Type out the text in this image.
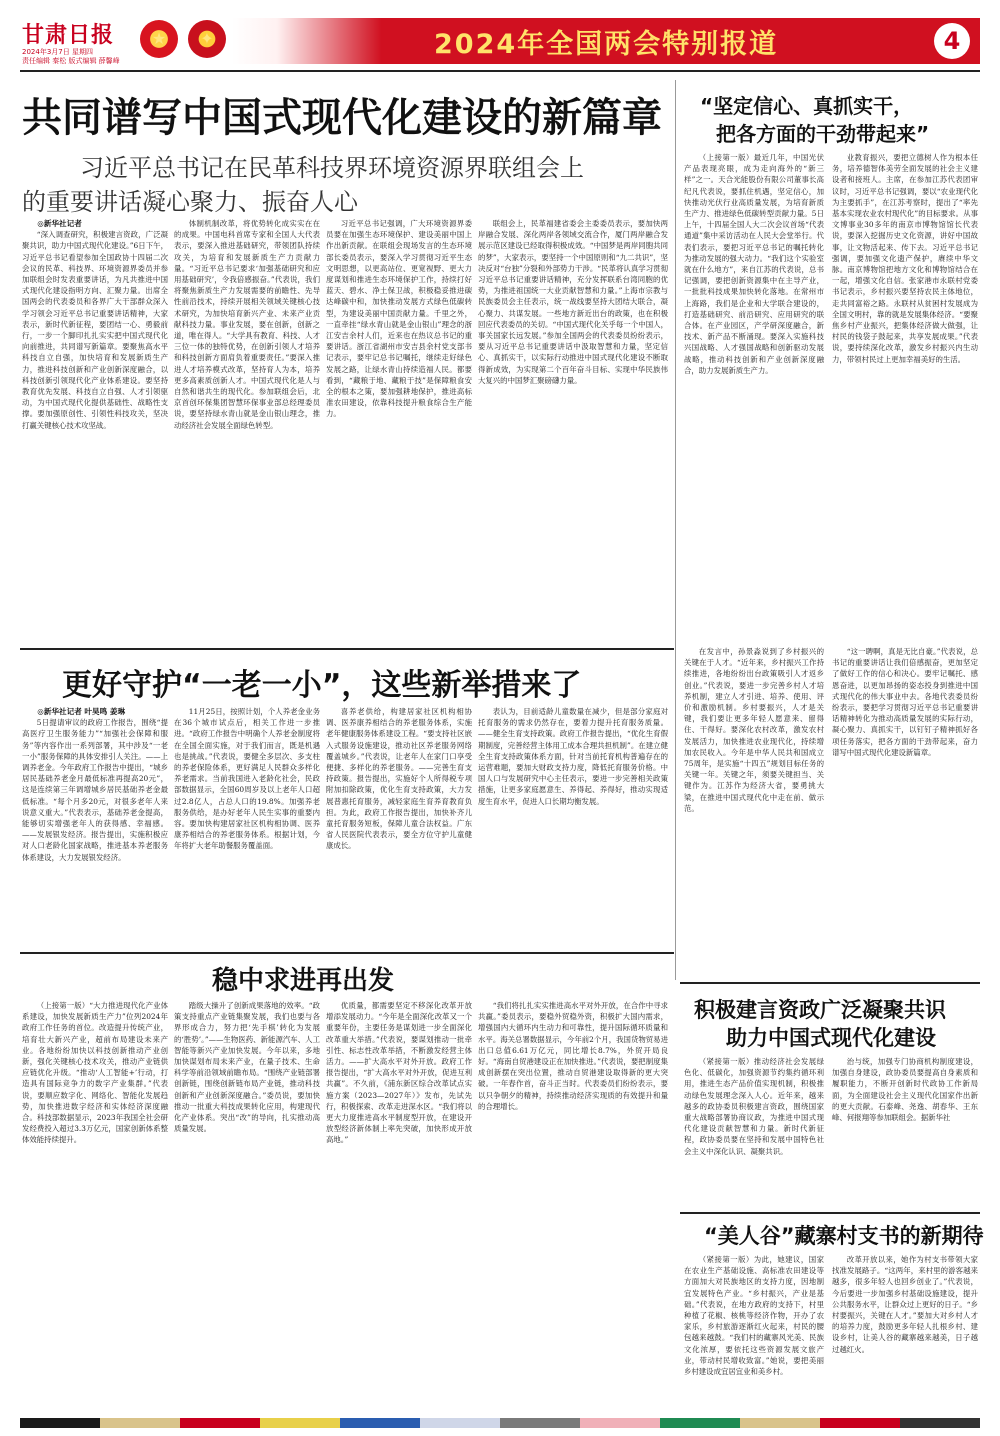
甘肃日报
2024年3月7日 星期四
责任编辑 秦松 版式编辑 薛馨峰
★	✦	2024年全国两会特别报道	4
共同谱写中国式现代化建设的新篇章
习近平总书记在民革科技界环境资源界联组会上
的重要讲话凝心聚力、振奋人心

◎新华社记者

“深入调查研究，积极建言资政，广泛凝聚共识，助力中国式现代化建设。”6日下午，习近平总书记看望参加全国政协十四届二次会议的民革、科技界、环境资源界委员并参加联组会时发表重要讲话，为凡共推进中国式现代化建设指明方向、汇聚力量。出席全国两会的代表委员和各界广大干部群众深入学习领会习近平总书记重要讲话精神，大家表示，新时代新征程，要团结一心、勇毅前行，一步一个脚印扎扎实实把中国式现代化向前推进，共同谱写新篇章。要聚焦高水平科技自立自强，加快培育和发展新质生产力，推进科技创新和产业创新深度融合，以科技创新引领现代化产业体系建设。要坚持教育优先发展、科技自立自强、人才引领驱动，为中国式现代化提供基础性、战略性支撑。要加强原创性、引领性科技攻关，坚决打赢关键核心技术攻坚战。

体制机制改革，将优势转化成实实在在的成果。中国电科首席专家和全国人大代表表示，要深入推进基础研究，带领团队持续攻关，为培育和发展新质生产力贡献力量。“习近平总书记要求‘加强基础研究和应用基础研究’，令我倍感振奋。”代表说，我们将聚焦新质生产力发展需要的前瞻性、先导性前沿技术，持续开展相关领域关键核心技术研究，为加快培育新兴产业、未来产业贡献科技力量。事业发展，要在创新，创新之道，唯在得人。“大学具有教育、科技、人才三位一体的独特优势，在创新引领人才培养和科技创新方面肩负着重要责任。”要深入推进人才培养模式改革，坚持育人为本，培养更多高素质创新人才。中国式现代化是人与自然和谐共生的现代化。参加联组会后，北京首创环保集团智慧环保事业部总经理委员说，要坚持绿水青山就是金山银山理念，推动经济社会发展全面绿色转型。

习近平总书记强调，广大环境资源界委员要在加强生态环境保护、建设美丽中国上作出新贡献。在联组会现场发言的生态环境部长委员表示，要深入学习贯彻习近平生态文明思想，以更高站位、更宽视野、更大力度谋划和推进生态环境保护工作，持续打好蓝天、碧水、净土保卫战，积极稳妥推进碳达峰碳中和，加快推动发展方式绿色低碳转型，为建设美丽中国贡献力量。千里之外，一直牵挂“绿水青山就是金山银山”理念的浙江安吉余村人们，近来也在热议总书记的重要讲话。浙江省湖州市安吉县余村党支部书记表示，要牢记总书记嘱托，继续走好绿色发展之路，让绿水青山持续造福人民。都要看到，“藏粮于地、藏粮于技”是保障粮食安全的根本之策，要加强耕地保护，推进高标准农田建设，依靠科技提升粮食综合生产能力。

联组会上，民革福建省委会主委委员表示，要加快两岸融合发展、深化两岸各领域交流合作，厦门两岸融合发展示范区建设已经取得积极成效。“中国梦是两岸同胞共同的梦”，大家表示，要坚持一个中国原则和“九二共识”，坚决反对“台独”分裂和外部势力干涉。“民革将认真学习贯彻习近平总书记重要讲话精神，充分发挥联系台湾同胞的优势，为推进祖国统一大业贡献智慧和力量。”上海市宗教与民族委员会主任表示，统一战线要坚持大团结大联合，凝心聚力、共谋发展。一些地方新近出台的政策，也在积极回应代表委员的关切。“中国式现代化关乎每一个中国人，事关国家长远发展。”参加全国两会的代表委员纷纷表示，要从习近平总书记重要讲话中汲取智慧和力量，坚定信心、真抓实干，以实际行动推进中国式现代化建设不断取得新成效，为实现第二个百年奋斗目标、实现中华民族伟大复兴的中国梦汇聚磅礴力量。

“坚定信心、真抓实干，
把各方面的干劲带起来”

（上接第一版）最近几年，中国光伏产品表现亮眼，成为走向海外的“新三样”之一。天合光能股份有限公司董事长高纪凡代表说，要抓住机遇，坚定信心，加快推动光伏行业高质量发展，为培育新质生产力、推进绿色低碳转型贡献力量。5日上午，十四届全国人大二次会议首场“代表通道”集中采访活动在人民大会堂举行。代表们表示，要把习近平总书记的嘱托转化为推动发展的强大动力。“我们这个实验室就在什么地方”，来自江苏的代表说，总书记强调，要把创新资源集中在主导产业，一批批科技成果加快转化落地。在常州市上海路，我们是企业和大学联合建设的，打造基础研究、前沿研究、应用研究的联合体。在产业园区，产学研深度融合，新技术、新产品不断涌现。要深入实施科技兴国战略、人才强国战略和创新驱动发展战略，推动科技创新和产业创新深度融合，助力发展新质生产力。

业教育振兴，要把立德树人作为根本任务，培养德智体美劳全面发展的社会主义建设者和接班人。主席，在参加江苏代表团审议时，习近平总书记强调，要以“农业现代化为主要抓手”，在江苏考察时，提出了“率先基本实现农业农村现代化”的目标要求。从事文博事业30多年的南京市博物馆馆长代表说，要深入挖掘历史文化资源，讲好中国故事，让文物活起来、传下去。习近平总书记强调，要加强文化遗产保护，赓续中华文脉。南京博物馆把地方文化和博物馆结合在一起，增强文化自信。张家港市永联村党委书记表示，乡村振兴要坚持农民主体地位，走共同富裕之路。永联村从贫困村发展成为全国文明村，靠的就是发展集体经济。“要聚焦乡村产业振兴，把集体经济做大做强，让村民的钱袋子鼓起来，共享发展成果。”代表说，要持续深化改革，激发乡村振兴内生动力，带领村民过上更加幸福美好的生活。

更好守护“一老一小”，这些新举措来了

◎新华社记者 叶昊鸣 姜琳

5日提请审议的政府工作报告，围绕“提高医疗卫生服务能力”“加强社会保障和服务”等内容作出一系列部署，其中涉及“一老一小”服务保障的具体安排引人关注。——上调养老金。今年政府工作报告中提出，“城乡居民基础养老金月最低标准再提高20元”，这是连续第三年调增城乡居民基础养老金最低标准。“每个月多20元，对很多老年人来说意义重大。”代表表示，基础养老金提高，能够切实增强老年人的获得感、幸福感。——发展银发经济。报告提出，实施积极应对人口老龄化国家战略，推进基本养老服务体系建设，大力发展银发经济。

11月25日，按照计划，个人养老金业务在36个城市试点后，相关工作进一步推进。“政府工作报告中明确个人养老金制度将在全国全面实施，对于我们而言，既是机遇也是挑战。”代表说，要健全多层次、多支柱的养老保险体系，更好满足人民群众多样化养老需求。当前我国进入老龄化社会，民政部数据显示，全国60周岁及以上老年人口超过2.8亿人，占总人口的19.8%。加强养老服务供给，是办好老年人民生实事的重要内容。要加快构建居家社区机构相协调、医养康养相结合的养老服务体系。根据计划，今年将扩大老年助餐服务覆盖面。

喜养老供给，构建居家社区机构相协调、医养康养相结合的养老服务体系，实施老年健康服务体系建设工程。“要支持社区嵌入式服务设施建设，推动社区养老服务网络覆盖城乡。”代表说，让老年人在家门口享受便捷、多样化的养老服务。——完善生育支持政策。报告提出，实施好个人所得税专项附加扣除政策，优化生育支持政策，大力发展普惠托育服务，减轻家庭生育养育教育负担。为此，政府工作报告提出，加快补齐儿童托育服务短板，保障儿童合法权益。广东省人民医院代表表示，要全方位守护儿童健康成长。

表认为，目前适龄儿童数量在减少，但是部分家庭对托育服务的需求仍然存在，要着力提升托育服务质量。——健全生育支持政策。政府工作报告提出，“优化生育假期制度，完善经营主体用工成本合理共担机制”。在建立健全生育支持政策体系方面，针对当前托育机构普遍存在的运营难题，要加大财政支持力度，降低托育服务价格。中国人口与发展研究中心主任表示，要进一步完善相关政策措施，让更多家庭愿意生、养得起、养得好，推动实现适度生育水平，促进人口长期均衡发展。

在发言中，孙景淼说到了乡村振兴的关键在于人才。“近年来，乡村振兴工作持续推进，各地纷纷出台政策吸引人才返乡创业。”代表说，要进一步完善乡村人才培养机制，建立人才引进、培养、使用、评价和激励机制。乡村要振兴，人才是关键，我们要让更多年轻人愿意来、留得住、干得好。要深化农村改革，激发农村发展活力，加快推进农业现代化，持续增加农民收入。今年是中华人民共和国成立75周年，是实施“十四五”规划目标任务的关键一年。关键之年，须要关键担当、关键作为。江苏作为经济大省，要勇挑大梁，在推进中国式现代化中走在前、做示范。

“这一聘啊，真是无比自豪。”代表说，总书记的重要讲话让我们倍感振奋，更加坚定了做好工作的信心和决心。要牢记嘱托、感恩奋进，以更加昂扬的姿态投身到推进中国式现代化的伟大事业中去。各地代表委员纷纷表示，要把学习贯彻习近平总书记重要讲话精神转化为推动高质量发展的实际行动，凝心聚力、真抓实干，以钉钉子精神抓好各项任务落实，把各方面的干劲带起来，奋力谱写中国式现代化建设新篇章。

稳中求进再出发

（上接第一版）“大力推进现代化产业体系建设，加快发展新质生产力”位列2024年政府工作任务的首位。改造提升传统产业，培育壮大新兴产业，超前布局建设未来产业。各地纷纷加快以科技创新推动产业创新，强化关键核心技术攻关，推动产业链供应链优化升级。“推动‘人工智能+’行动，打造具有国际竞争力的数字产业集群。”代表说，要顺应数字化、网络化、智能化发展趋势，加快推进数字经济和实体经济深度融合。科技部数据显示，2023年我国全社会研发经费投入超过3.3万亿元，国家创新体系整体效能持续提升。

踏级大操升了创新成果落地的效率。“政策支持重点产业链集聚发展，我们也要与各界形成合力，努力把‘先手棋’转化为发展的‘胜势’。”——生物医药、新能源汽车、人工智能等新兴产业加快发展。今年以来，多地加快谋划布局未来产业，在量子技术、生命科学等前沿领域前瞻布局。“围绕产业链部署创新链，围绕创新链布局产业链，推动科技创新和产业创新深度融合。”委员说，要加快推动一批重大科技成果转化应用，构建现代化产业体系。突出“改”的导向，扎实推动高质量发展。

优质量，都需要坚定不移深化改革开放增添发展动力。“今年是全面深化改革又一个重要年份，主要任务是谋划进一步全面深化改革重大举措。”代表说，要谋划推动一批牵引性、标志性改革举措，不断激发经营主体活力。——扩大高水平对外开放。政府工作报告提出，“扩大高水平对外开放，促进互利共赢”。不久前，《浦东新区综合改革试点实施方案（2023—2027年）》发布，先试先行，积极探索、改革走进深水区。“我们将以更大力度推进高水平制度型开放，在建设开放型经济新体制上率先突破，加快形成开放高地。”

“我们将扎扎实实推进高水平对外开放，在合作中寻求共赢。”委员表示，要稳外贸稳外资，积极扩大国内需求，增强国内大循环内生动力和可靠性，提升国际循环质量和水平。海关总署数据显示，今年前2个月，我国货物贸易进出口总值6.61万亿元，同比增长8.7%，外贸开局良好。“海南自贸港建设正在加快推进。”代表说，要把制度集成创新摆在突出位置，推动自贸港建设取得新的更大突破。一年春作首，奋斗正当时。代表委员们纷纷表示，要以只争朝夕的精神，持续推动经济实现质的有效提升和量的合理增长。

积极建言资政广泛凝聚共识
助力中国式现代化建设

（紧接第一版）推动经济社会发展绿色化、低碳化，加强资源节约集约循环利用，推进生态产品价值实现机制，积极推动绿色发展理念深入人心。近年来，越来越多的政协委员积极建言资政，围绕国家重大战略部署协商议政，为推进中国式现代化建设贡献智慧和力量。新时代新征程，政协委员要在坚持和发展中国特色社会主义中深化认识、凝聚共识。

治与统，加强专门协商机构制度建设，加强自身建设，政协委员要提高自身素质和履职能力，不断开创新时代政协工作新局面，为全面建设社会主义现代化国家作出新的更大贡献。石泰峰、尧逸、胡春华、王东峰、何报翔等参加联组会。据新华社

“美人谷”藏寨村支书的新期待

（紧接第一版）为此，她建议，国家在农业生产基础设施、高标准农田建设等方面加大对民族地区的支持力度，因地制宜发展特色产业。“乡村振兴，产业是基础。”代表说，在地方政府的支持下，村里种植了花椒、核桃等经济作物，开办了农家乐，乡村旅游逐渐红火起来，村民的腰包越来越鼓。“我们村的藏寨风光美、民族文化浓厚，要依托这些资源发展文旅产业，带动村民增收致富。”她说，要把美丽乡村建设成宜居宜业和美乡村。

改革开放以来，她作为村支书带领大家找准发展路子。“这两年，来村里的游客越来越多，很多年轻人也回乡创业了。”代表说，今后要进一步加强乡村基础设施建设，提升公共服务水平，让群众过上更好的日子。“乡村要振兴，关键在人才。”要加大对乡村人才的培养力度，鼓励更多年轻人扎根乡村、建设乡村，让美人谷的藏寨越来越美，日子越过越红火。
